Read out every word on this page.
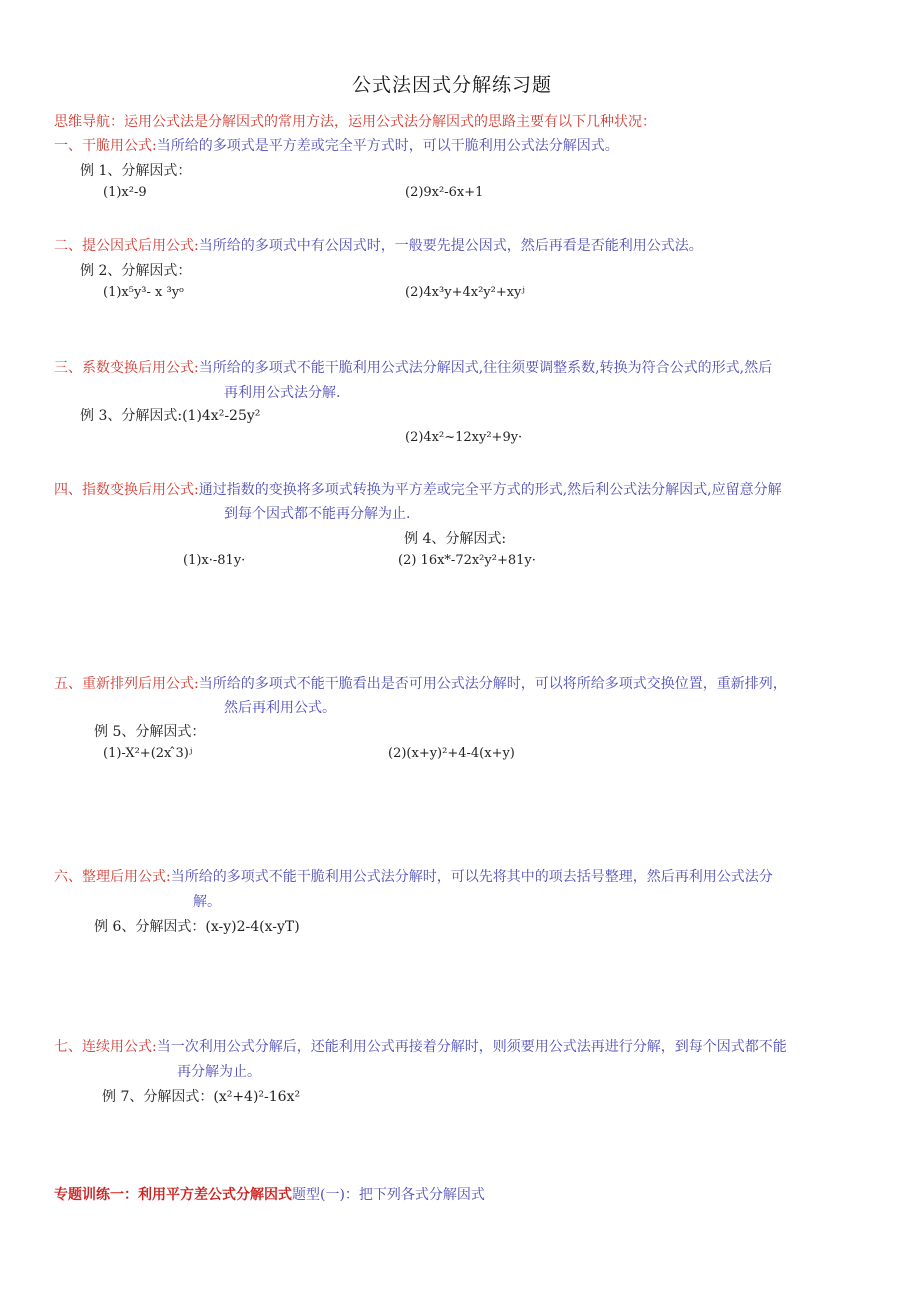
公式法因式分解练习题
思维导航：运用公式法是分解因式的常用方法，运用公式法分解因式的思路主要有以下几种状况：
一、干脆用公式:当所给的多项式是平方差或完全平方式时，可以干脆利用公式法分解因式。
例 1、分解因式：
(1)x²-9	(2)9x²-6x+1
二、提公因式后用公式:当所给的多项式中有公因式时，一般要先提公因式，然后再看是否能利用公式法。
例 2、分解因式：
(1)x⁵y³- x ³yᵒ	(2)4x³y+4x²y²+xyʲ
三、系数变换后用公式:当所给的多项式不能干脆利用公式法分解因式,往往须要调整系数,转换为符合公式的形式,然后
再利用公式法分解.
例 3、分解因式:(1)4x²-25y²
(2)4x²~12xy²+9y·
四、指数变换后用公式:通过指数的变换将多项式转换为平方差或完全平方式的形式,然后利公式法分解因式,应留意分解
到每个因式都不能再分解为止.
例 4、分解因式:
(1)x·-81y·	(2) 16x*-72x²y²+81y·
五、重新排列后用公式:当所给的多项式不能干脆看出是否可用公式法分解时，可以将所给多项式交换位置，重新排列，
然后再利用公式。
例 5、分解因式：
(1)-X²+(2x ̂3)ʲ	(2)(x+y)²+4-4(x+y)
六、整理后用公式:当所给的多项式不能干脆利用公式法分解时，可以先将其中的项去括号整理，然后再利用公式法分
解。
例 6、分解因式：(x-y)2-4(x-yT)
七、连续用公式:当一次利用公式分解后，还能利用公式再接着分解时，则须要用公式法再进行分解，到每个因式都不能
再分解为止。
例 7、分解因式：(x²+4)²-16x²
专题训练一：利用平方差公式分解因式题型(一)：把下列各式分解因式
